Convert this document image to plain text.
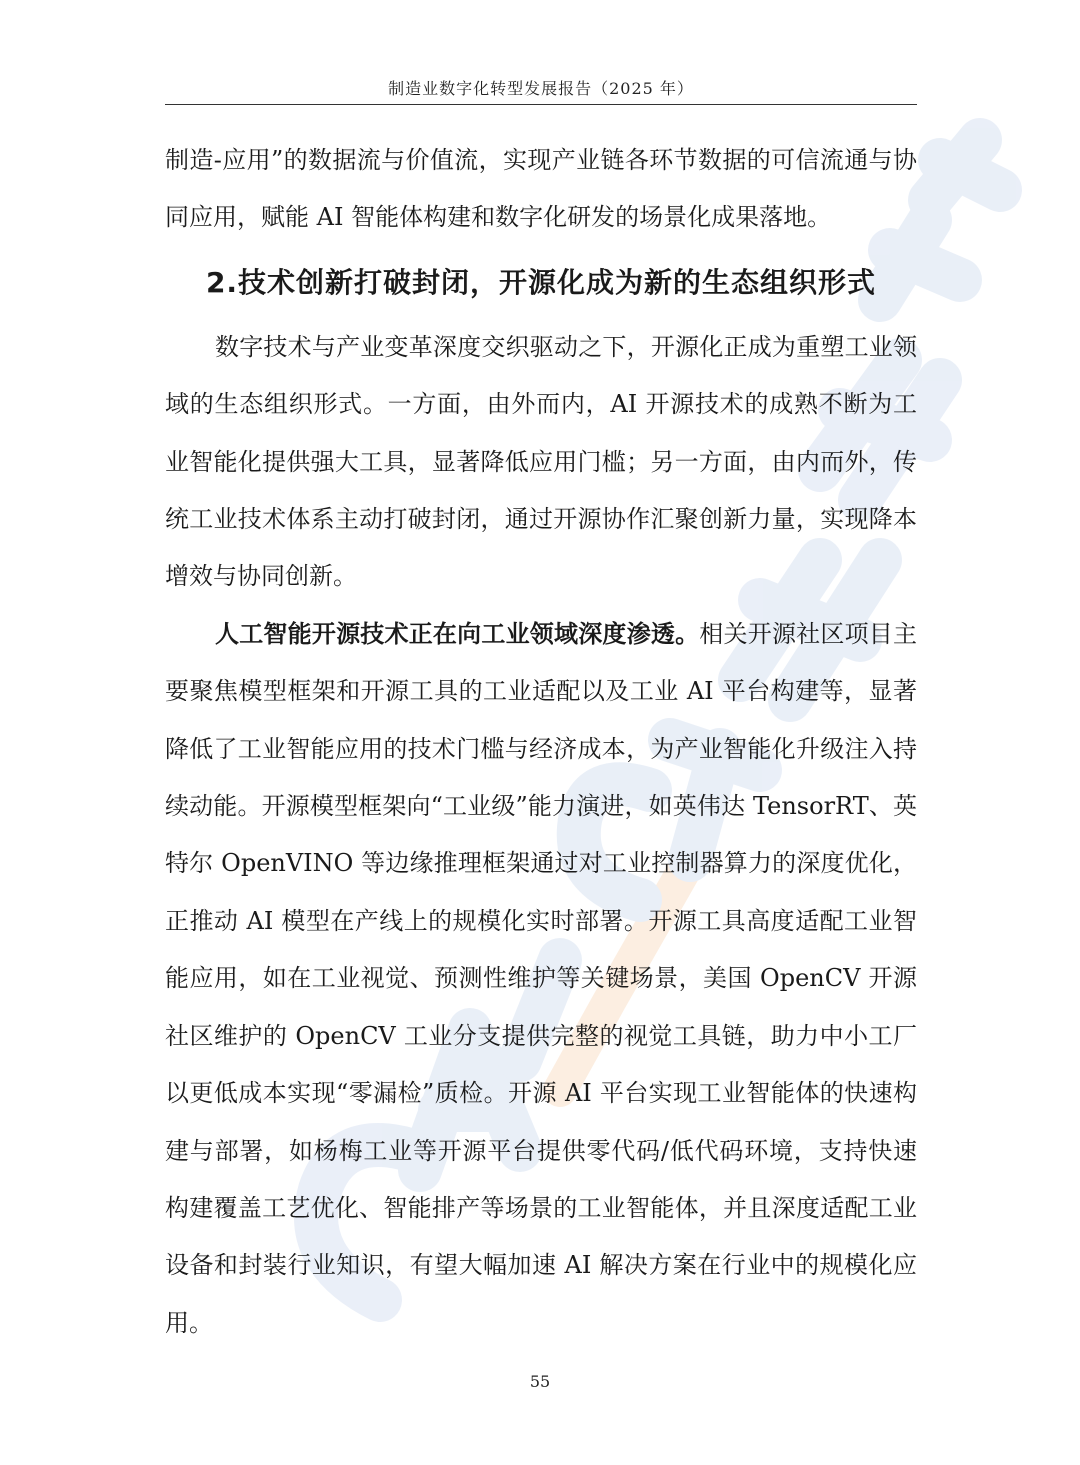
制造业数字化转型发展报告（2025 年）

制造-应用”的数据流与价值流，实现产业链各环节数据的可信流通与协同应用，赋能 AI 智能体构建和数字化研发的场景化成果落地。

2.技术创新打破封闭，开源化成为新的生态组织形式

数字技术与产业变革深度交织驱动之下，开源化正成为重塑工业领域的生态组织形式。一方面，由外而内，AI 开源技术的成熟不断为工业智能化提供强大工具，显著降低应用门槛；另一方面，由内而外，传统工业技术体系主动打破封闭，通过开源协作汇聚创新力量，实现降本增效与协同创新。

人工智能开源技术正在向工业领域深度渗透。相关开源社区项目主要聚焦模型框架和开源工具的工业适配以及工业 AI 平台构建等，显著降低了工业智能应用的技术门槛与经济成本，为产业智能化升级注入持续动能。开源模型框架向“工业级”能力演进，如英伟达 TensorRT、英特尔 OpenVINO 等边缘推理框架通过对工业控制器算力的深度优化，正推动 AI 模型在产线上的规模化实时部署。开源工具高度适配工业智能应用，如在工业视觉、预测性维护等关键场景，美国 OpenCV 开源社区维护的 OpenCV 工业分支提供完整的视觉工具链，助力中小工厂以更低成本实现“零漏检”质检。开源 AI 平台实现工业智能体的快速构建与部署，如杨梅工业等开源平台提供零代码/低代码环境，支持快速构建覆盖工艺优化、智能排产等场景的工业智能体，并且深度适配工业设备和封装行业知识，有望大幅加速 AI 解决方案在行业中的规模化应用。

55
